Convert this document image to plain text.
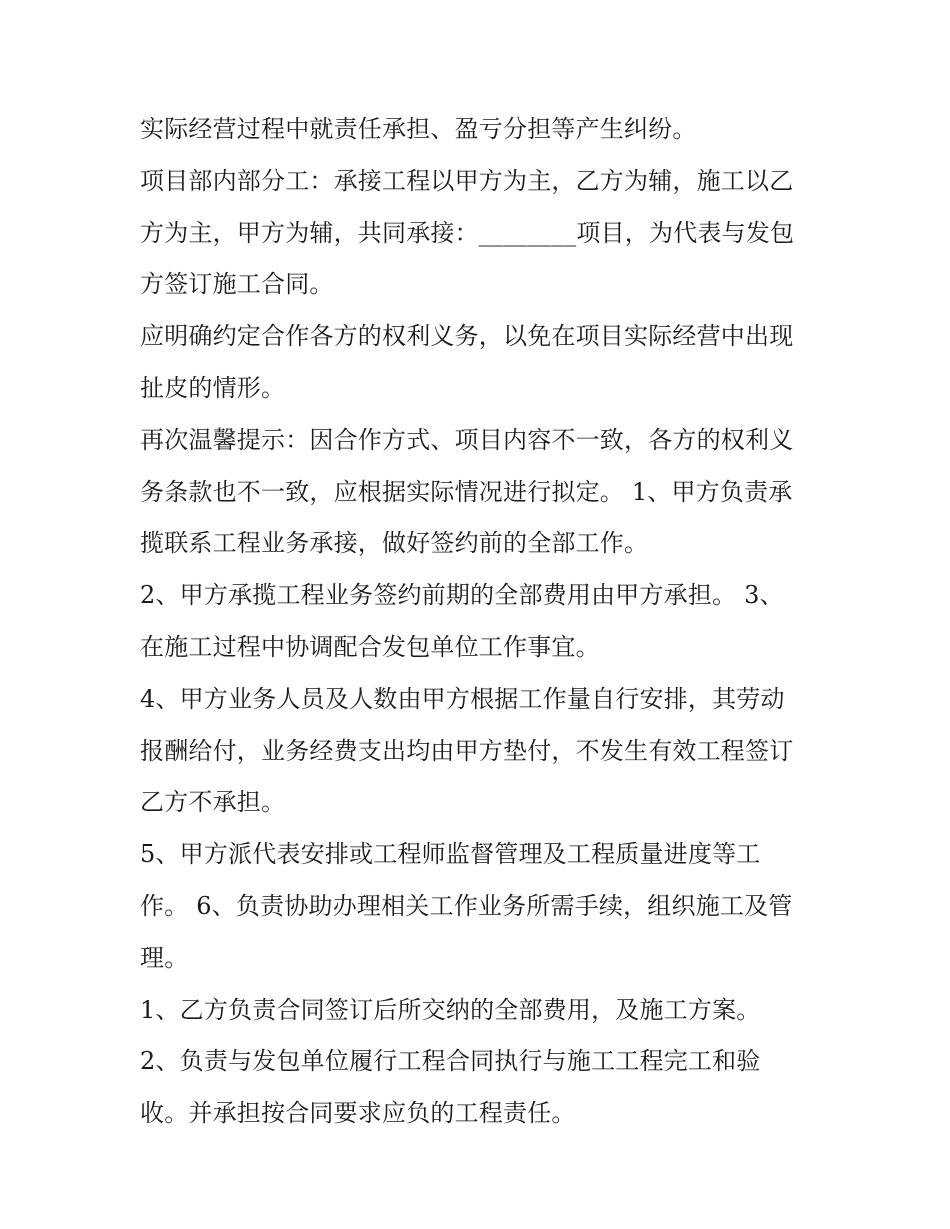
实际经营过程中就责任承担、盈亏分担等产生纠纷。
项目部内部分工：承接工程以甲方为主，乙方为辅，施工以乙
方为主，甲方为辅，共同承接：________项目，为代表与发包
方签订施工合同。
应明确约定合作各方的权利义务，以免在项目实际经营中出现
扯皮的情形。
再次温馨提示：因合作方式、项目内容不一致，各方的权利义
务条款也不一致，应根据实际情况进行拟定。 1、甲方负责承
揽联系工程业务承接，做好签约前的全部工作。
2、甲方承揽工程业务签约前期的全部费用由甲方承担。 3、
在施工过程中协调配合发包单位工作事宜。
4、甲方业务人员及人数由甲方根据工作量自行安排，其劳动
报酬给付，业务经费支出均由甲方垫付，不发生有效工程签订
乙方不承担。
5、甲方派代表安排或工程师监督管理及工程质量进度等工
作。 6、负责协助办理相关工作业务所需手续，组织施工及管
理。
1、乙方负责合同签订后所交纳的全部费用，及施工方案。
2、负责与发包单位履行工程合同执行与施工工程完工和验
收。并承担按合同要求应负的工程责任。
